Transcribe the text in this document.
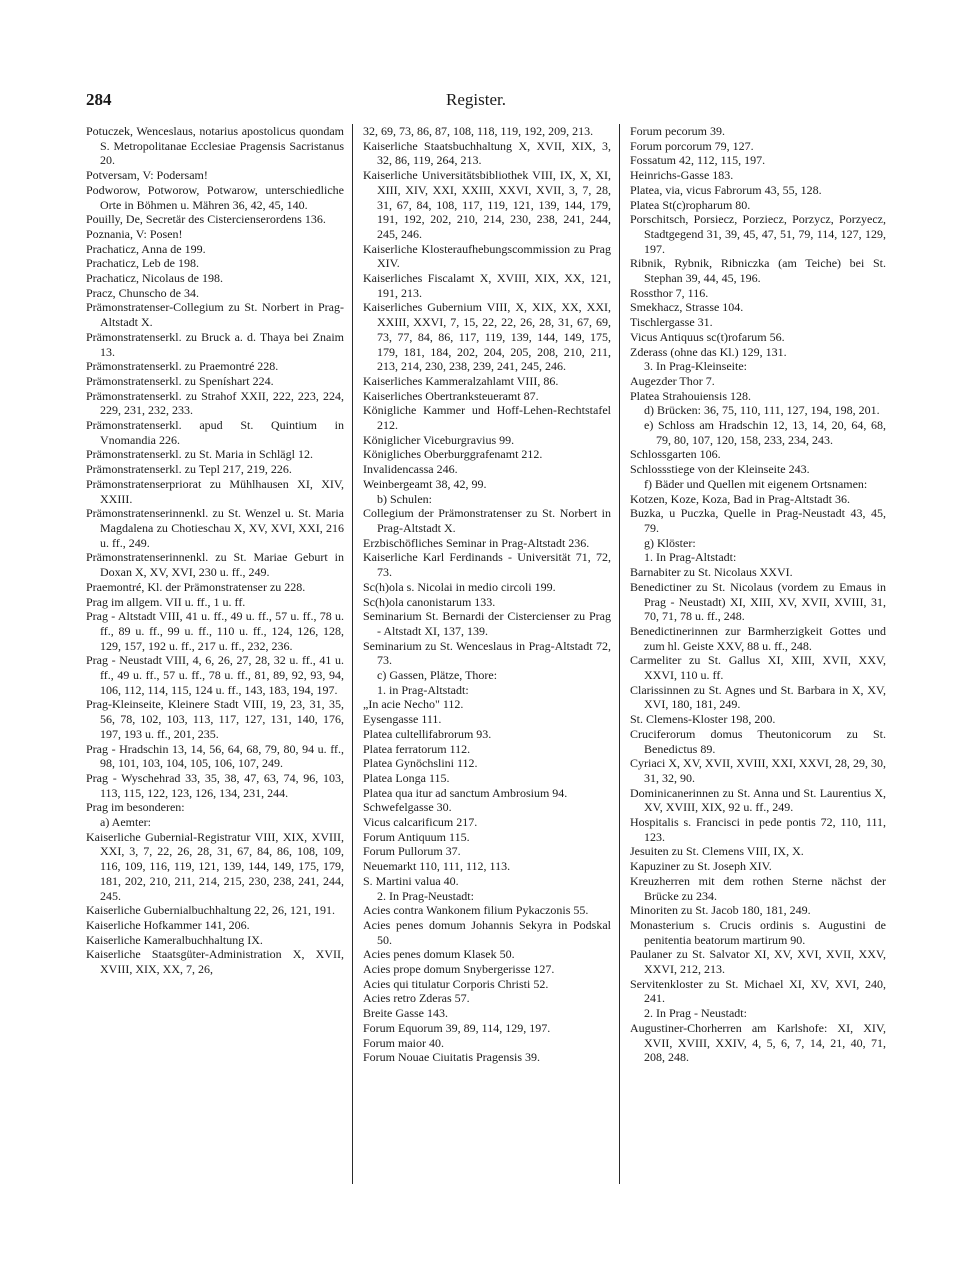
284	Register.
Potuczek, Wenceslaus, notarius apostolicus quondam S. Metropolitanae Ecclesiae Pragensis Sacristanus 20.
Potversam, V: Podersam!
Podworow, Potworow, Potwarow, unterschiedliche Orte in Böhmen u. Mähren 36, 42, 45, 140.
Pouilly, De, Secretär des Cistercienserordens 136.
Poznania, V: Posen!
Prachaticz, Anna de 199.
Prachaticz, Leb de 198.
Prachaticz, Nicolaus de 198.
Pracz, Chunscho de 34.
Prämonstratenser-Collegium zu St. Norbert in Prag-Altstadt X.
Prämonstratenserkl. zu Bruck a. d. Thaya bei Znaim 13.
Prämonstratenserkl. zu Praemontré 228.
Prämonstratenserkl. zu Speníshart 224.
Prämonstratenserkl. zu Strahof XXII, 222, 223, 224, 229, 231, 232, 233.
Prämonstratenserkl. apud St. Quintium in Vnomandia 226.
Prämonstratenserkl. zu St. Maria in Schlägl 12.
Prämonstratenserkl. zu Tepl 217, 219, 226.
Prämonstratenserpriorat zu Mühlhausen XI, XIV, XXIII.
Prämonstratenserinnenkl. zu St. Wenzel u. St. Maria Magdalena zu Chotieschau X, XV, XVI, XXI, 216 u. ff., 249.
Prämonstratenserinnenkl. zu St. Mariae Geburt in Doxan X, XV, XVI, 230 u. ff., 249.
Praemontré, Kl. der Prämonstratenser zu 228.
Prag im allgem. VII u. ff., 1 u. ff.
Prag - Altstadt VIII, 41 u. ff., 49 u. ff., 57 u. ff., 78 u. ff., 89 u. ff., 99 u. ff., 110 u. ff., 124, 126, 128, 129, 157, 192 u. ff., 217 u. ff., 232, 236.
Prag - Neustadt VIII, 4, 6, 26, 27, 28, 32 u. ff., 41 u. ff., 49 u. ff., 57 u. ff., 78 u. ff., 81, 89, 92, 93, 94, 106, 112, 114, 115, 124 u. ff., 143, 183, 194, 197.
Prag-Kleinseite, Kleinere Stadt VIII, 19, 23, 31, 35, 56, 78, 102, 103, 113, 117, 127, 131, 140, 176, 197, 193 u. ff., 201, 235.
Prag - Hradschin 13, 14, 56, 64, 68, 79, 80, 94 u. ff., 98, 101, 103, 104, 105, 106, 107, 249.
Prag - Wyschehrad 33, 35, 38, 47, 63, 74, 96, 103, 113, 115, 122, 123, 126, 134, 231, 244.
Prag im besonderen:
a) Aemter:
Kaiserliche Gubernial-Registratur VIII, XIX, XVIII, XXI, 3, 7, 22, 26, 28, 31, 67, 84, 86, 108, 109, 116, 109, 116, 119, 121, 139, 144, 149, 175, 179, 181, 202, 210, 211, 214, 215, 230, 238, 241, 244, 245.
Kaiserliche Gubernialbuchhaltung 22, 26, 121, 191.
Kaiserliche Hofkammer 141, 206.
Kaiserliche Kameralbuchhaltung IX.
Kaiserliche Staatsgüter-Administration X, XVII, XVIII, XIX, XX, 7, 26,
32, 69, 73, 86, 87, 108, 118, 119, 192, 209, 213.
Kaiserliche Staatsbuchhaltung X, XVII, XIX, 3, 32, 86, 119, 264, 213.
Kaiserliche Universitätsbibliothek VIII, IX, X, XI, XIII, XIV, XXI, XXIII, XXVI, XVII, 3, 7, 28, 31, 67, 84, 108, 117, 119, 121, 139, 144, 179, 191, 192, 202, 210, 214, 230, 238, 241, 244, 245, 246.
Kaiserliche Klosteraufhebungscommission zu Prag XIV.
Kaiserliches Fiscalamt X, XVIII, XIX, XX, 121, 191, 213.
Kaiserliches Gubernium VIII, X, XIX, XX, XXI, XXIII, XXVI, 7, 15, 22, 22, 26, 28, 31, 67, 69, 73, 77, 84, 86, 117, 119, 139, 144, 149, 175, 179, 181, 184, 202, 204, 205, 208, 210, 211, 213, 214, 230, 238, 239, 241, 245, 246.
Kaiserliches Kammeralzahlamt VIII, 86.
Kaiserliches Obertranksteueramt 87.
Königliche Kammer und Hoff-Lehen-Rechtstafel 212.
Königlicher Viceburgravius 99.
Königliches Oberburggrafenamt 212.
Invalidencassa 246.
Weinbergeamt 38, 42, 99.
b) Schulen:
Collegium der Prämonstratenser zu St. Norbert in Prag-Altstadt X.
Erzbischöfliches Seminar in Prag-Altstadt 236.
Kaiserliche Karl Ferdinands - Universität 71, 72, 73.
Sc(h)ola s. Nicolai in medio circoli 199.
Sc(h)ola canonistarum 133.
Seminarium St. Bernardi der Cistercienser zu Prag - Altstadt XI, 137, 139.
Seminarium zu St. Wenceslaus in Prag-Altstadt 72, 73.
c) Gassen, Plätze, Thore:
1. in Prag-Altstadt:
„In acie Necho" 112.
Eysengasse 111.
Platea cultellifabrorum 93.
Platea ferratorum 112.
Platea Gynöchslini 112.
Platea Longa 115.
Platea qua itur ad sanctum Ambrosium 94.
Schwefelgasse 30.
Vicus calcarificum 217.
Forum Antiquum 115.
Forum Pullorum 37.
Neuemarkt 110, 111, 112, 113.
S. Martini valua 40.
2. In Prag-Neustadt:
Acies contra Wankonem filium Pykaczonis 55.
Acies penes domum Johannis Sekyra in Podskal 50.
Acies penes domum Klasek 50.
Acies prope domum Snybergerisse 127.
Acies qui titulatur Corporis Christi 52.
Acies retro Zderas 57.
Breite Gasse 143.
Forum Equorum 39, 89, 114, 129, 197.
Forum maior 40.
Forum Nouae Ciuitatis Pragensis 39.
Forum pecorum 39.
Forum porcorum 79, 127.
Fossatum 42, 112, 115, 197.
Heinrichs-Gasse 183.
Platea, via, vicus Fabrorum 43, 55, 128.
Platea St(c)ropharum 80.
Porschitsch, Porsiecz, Porziecz, Porzycz, Porzyecz, Stadtgegend 31, 39, 45, 47, 51, 79, 114, 127, 129, 197.
Ribnik, Rybnik, Ribniczka (am Teiche) bei St. Stephan 39, 44, 45, 196.
Rossthor 7, 116.
Smekhacz, Strasse 104.
Tischlergasse 31.
Vicus Antiquus sc(t)rofarum 56.
Zderass (ohne das Kl.) 129, 131.
3. In Prag-Kleinseite:
Augezder Thor 7.
Platea Strahouiensis 128.
d) Brücken: 36, 75, 110, 111, 127, 194, 198, 201.
e) Schloss am Hradschin 12, 13, 14, 20, 64, 68, 79, 80, 107, 120, 158, 233, 234, 243.
Schlossgarten 106.
Schlossstiege von der Kleinseite 243.
f) Bäder und Quellen mit eigenem Ortsnamen:
Kotzen, Koze, Koza, Bad in Prag-Altstadt 36.
Buzka, u Puczka, Quelle in Prag-Neustadt 43, 45, 79.
g) Klöster:
1. In Prag-Altstadt:
Barnabiter zu St. Nicolaus XXVI.
Benedictiner zu St. Nicolaus (vordem zu Emaus in Prag - Neustadt) XI, XIII, XV, XVII, XVIII, 31, 70, 71, 78 u. ff., 248.
Benedictinerinnen zur Barmherzigkeit Gottes und zum hl. Geiste XXV, 88 u. ff., 248.
Carmeliter zu St. Gallus XI, XIII, XVII, XXV, XXVI, 110 u. ff.
Clarissinnen zu St. Agnes und St. Barbara in X, XV, XVI, 180, 181, 249.
St. Clemens-Kloster 198, 200.
Cruciferorum domus Theutonicorum zu St. Benedictus 89.
Cyriaci X, XV, XVII, XVIII, XXI, XXVI, 28, 29, 30, 31, 32, 90.
Dominicanerinnen zu St. Anna und St. Laurentius X, XV, XVIII, XIX, 92 u. ff., 249.
Hospitalis s. Francisci in pede pontis 72, 110, 111, 123.
Jesuiten zu St. Clemens VIII, IX, X.
Kapuziner zu St. Joseph XIV.
Kreuzherren mit dem rothen Sterne nächst der Brücke zu 234.
Minoriten zu St. Jacob 180, 181, 249.
Monasterium s. Crucis ordinis s. Augustini de penitentia beatorum martirum 90.
Paulaner zu St. Salvator XI, XV, XVI, XVII, XXV, XXVI, 212, 213.
Servitenkloster zu St. Michael XI, XV, XVI, 240, 241.
2. In Prag - Neustadt:
Augustiner-Chorherren am Karlshofe: XI, XIV, XVII, XVIII, XXIV, 4, 5, 6, 7, 14, 21, 40, 71, 208, 248.
